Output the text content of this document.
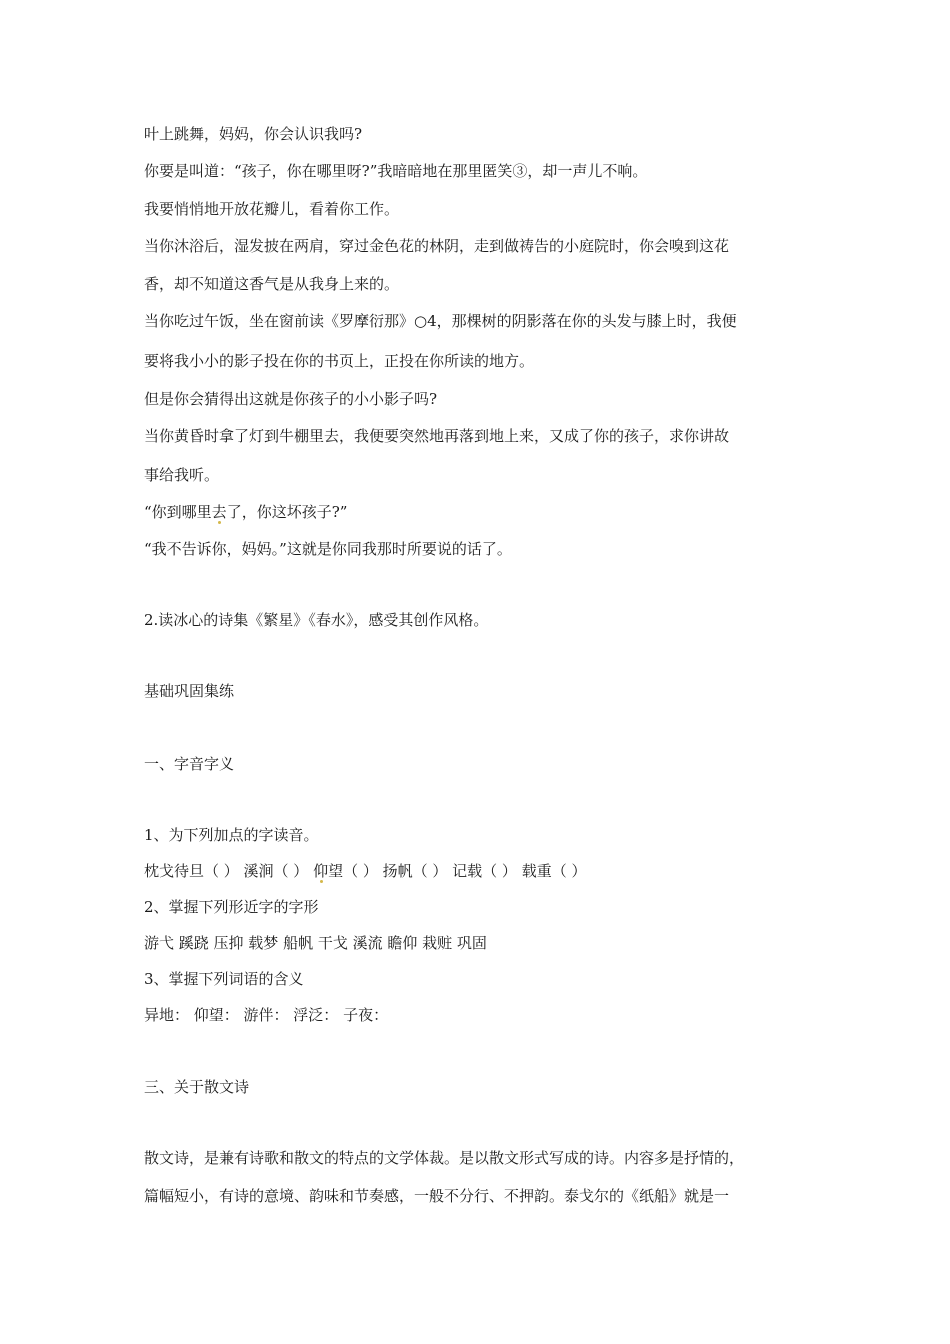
叶上跳舞，妈妈，你会认识我吗?
你要是叫道：“孩子，你在哪里呀?”我暗暗地在那里匿笑③，却一声儿不响。
我要悄悄地开放花瓣儿，看着你工作。
当你沐浴后，湿发披在两肩，穿过金色花的林阴，走到做祷告的小庭院时，你会嗅到这花
香，却不知道这香气是从我身上来的。
当你吃过午饭，坐在窗前读《罗摩衍那》○4，那棵树的阴影落在你的头发与膝上时，我便
要将我小小的影子投在你的书页上，正投在你所读的地方。
但是你会猜得出这就是你孩子的小小影子吗?
当你黄昏时拿了灯到牛棚里去，我便要突然地再落到地上来，又成了你的孩子，求你讲故
事给我听。
“你到哪里去了，你这坏孩子?”
“我不告诉你，妈妈。”这就是你同我那时所要说的话了。
2.读冰心的诗集《繁星》《春水》，感受其创作风格。
基础巩固集练
一、字音字义
1、为下列加点的字读音。
枕戈待旦（ ） 溪涧（ ） 仰望（ ） 扬帆（ ） 记载（ ） 载重（ ）
2、掌握下列形近字的字形
游弋 蹊跷 压抑 载梦 船帆 干戈 溪流 瞻仰 栽赃 巩固
3、掌握下列词语的含义
异地： 仰望： 游伴： 浮泛： 子夜：
三、关于散文诗
散文诗，是兼有诗歌和散文的特点的文学体裁。是以散文形式写成的诗。内容多是抒情的，
篇幅短小，有诗的意境、韵味和节奏感，一般不分行、不押韵。泰戈尔的《纸船》就是一
